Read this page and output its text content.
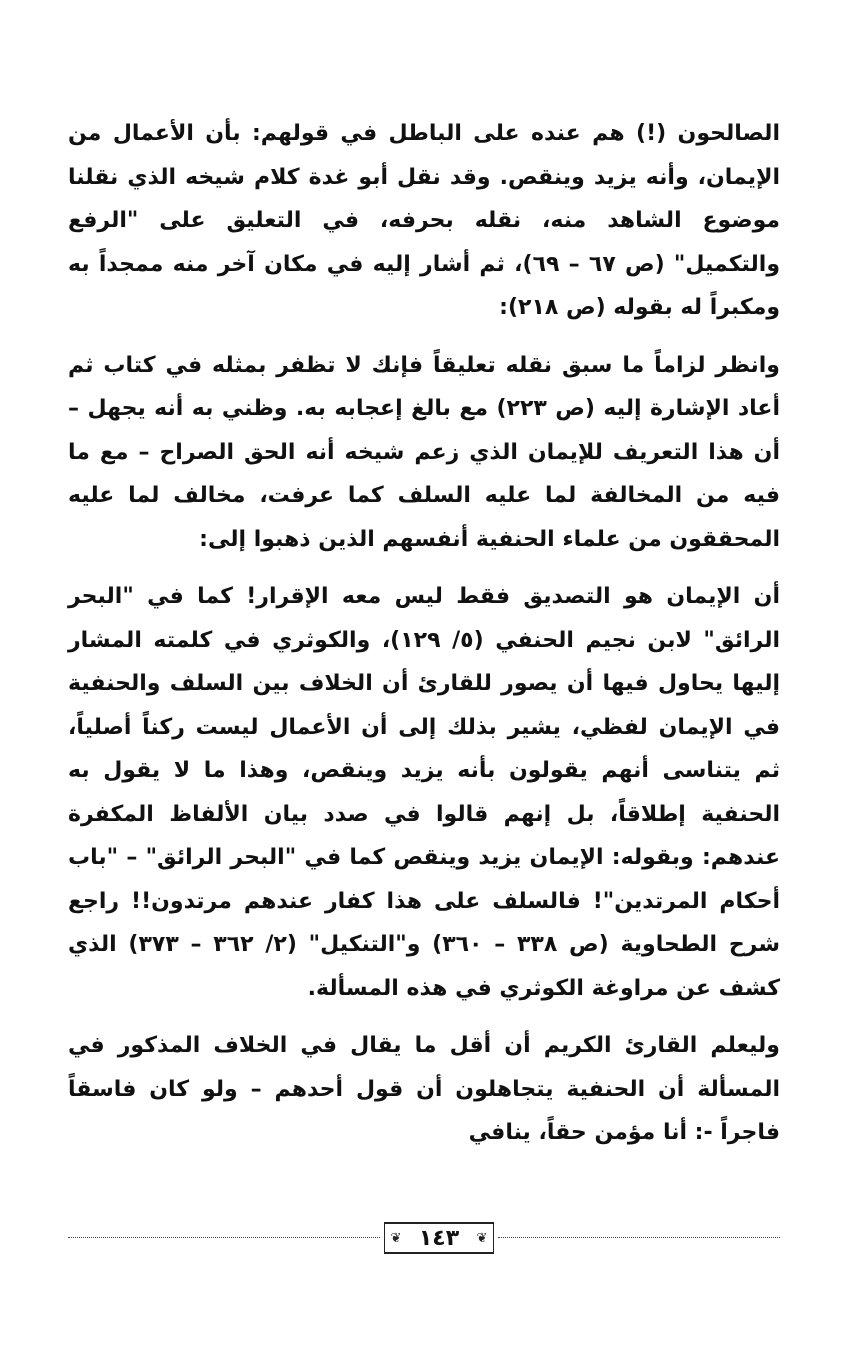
الصالحون (!) هم عنده على الباطل في قولهم: بأن الأعمال من الإيمان، وأنه يزيد وينقص. وقد نقل أبو غدة كلام شيخه الذي نقلنا موضوع الشاهد منه، نقله بحرفه، في التعليق على "الرفع والتكميل" (ص ٦٧ – ٦٩)، ثم أشار إليه في مكان آخر منه ممجداً به ومكبراً له بقوله (ص ٢١٨):

وانظر لزاماً ما سبق نقله تعليقاً فإنك لا تظفر بمثله في كتاب ثم أعاد الإشارة إليه (ص ٢٢٣) مع بالغ إعجابه به. وظني به أنه يجهل – أن هذا التعريف للإيمان الذي زعم شيخه أنه الحق الصراح – مع ما فيه من المخالفة لما عليه السلف كما عرفت، مخالف لما عليه المحققون من علماء الحنفية أنفسهم الذين ذهبوا إلى:

أن الإيمان هو التصديق فقط ليس معه الإقرار! كما في "البحر الرائق" لابن نجيم الحنفي (٥/ ١٢٩)، والكوثري في كلمته المشار إليها يحاول فيها أن يصور للقارئ أن الخلاف بين السلف والحنفية في الإيمان لفظي، يشير بذلك إلى أن الأعمال ليست ركناً أصلياً، ثم يتناسى أنهم يقولون بأنه يزيد وينقص، وهذا ما لا يقول به الحنفية إطلاقاً، بل إنهم قالوا في صدد بيان الألفاظ المكفرة عندهم: وبقوله: الإيمان يزيد وينقص كما في "البحر الرائق" – "باب أحكام المرتدين"! فالسلف على هذا كفار عندهم مرتدون!! راجع شرح الطحاوية (ص ٣٣٨ – ٣٦٠) و"التنكيل" (٢/ ٣٦٢ – ٣٧٣) الذي كشف عن مراوغة الكوثري في هذه المسألة.

وليعلم القارئ الكريم أن أقل ما يقال في الخلاف المذكور في المسألة أن الحنفية يتجاهلون أن قول أحدهم – ولو كان فاسقاً فاجراً -: أنا مؤمن حقاً، ينافي

❦ ١٤٣ ❦
